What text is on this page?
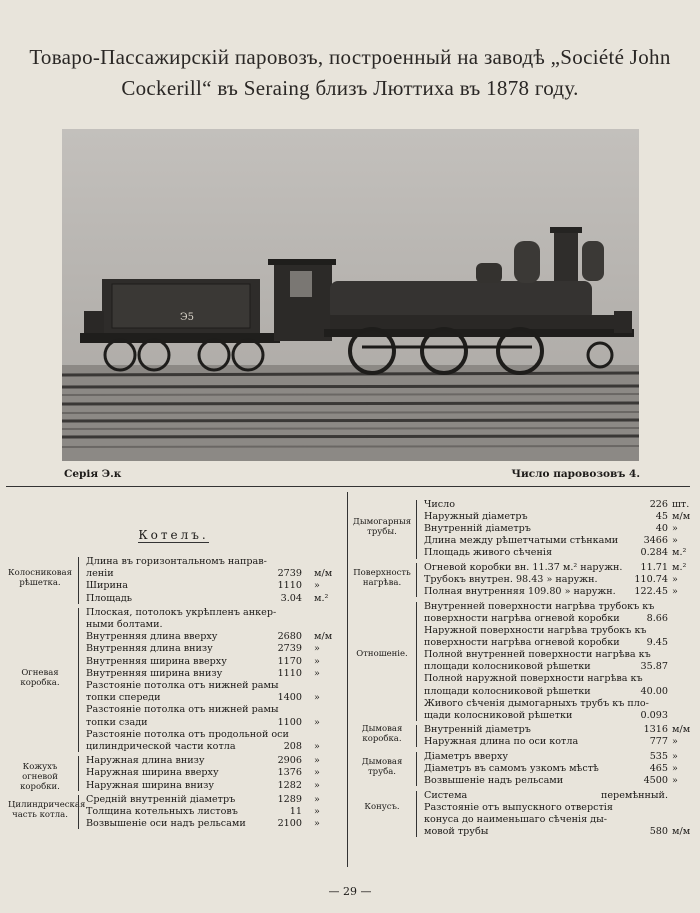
Товаро-Пассажирскій паровозъ, построенный на заводѣ „Société John
Cockerill“ въ Seraing близъ Люттиха въ 1878 году.
Э5
Серія Э.к	Число паровозовъ 4.
Котелъ.
Колосниковая рѣшетка.
Длина въ горизонтальномъ направ-
леніи	2739 м/м
Ширина	1110 »
Площадь	3.04 м.²
Огневая коробка.
Плоская, потолокъ укрѣпленъ анкер-
ными болтами.
Внутренняя длина вверху	2680 м/м
Внутренняя длина внизу	2739 »
Внутренняя ширина вверху	1170 »
Внутренняя ширина внизу	1110 »
Разстояніе потолка отъ нижней рамы
топки спереди	1400 »
Разстояніе потолка отъ нижней рамы
топки сзади	1100 »
Разстояніе потолка отъ продольной оси
цилиндрической части котла	208 »
Кожухъ огневой коробки.
Наружная длина внизу	2906 »
Наружная ширина вверху	1376 »
Наружная ширина внизу	1282 »
Цилиндрическая часть котла.
Средній внутренній діаметръ	1289 »
Толщина котельныхъ листовъ	11 »
Возвышеніе оси надъ рельсами	2100 »
Дымогарныя трубы.
Число	226 шт.
Наружный діаметръ	45 м/м
Внутренній діаметръ	40 »
Длина между рѣшетчатыми стѣнками	3466 »
Площадь живого сѣченія	0.284 м.²
Поверхность нагрѣва.
Огневой коробки вн. 11.37 м.² наружн. 11.71 м.²
Трубокъ внутрен. 98.43 » наружн.	110.74 »
Полная внутренняя 109.80 » наружн. 122.45 »
Отношеніе.
Внутренней поверхности нагрѣва трубокъ къ
поверхности нагрѣва огневой коробки	8.66
Наружной поверхности нагрѣва трубокъ къ
поверхности нагрѣва огневой коробки	9.45
Полной внутренней поверхности нагрѣва къ
площади колосниковой рѣшетки	35.87
Полной наружной поверхности нагрѣва къ
площади колосниковой рѣшетки	40.00
Живого сѣченія дымогарныхъ трубъ къ пло-
щади колосниковой рѣшетки	0.093
Дымовая коробка.
Внутренній діаметръ	1316 м/м
Наружная длина по оси котла	777 »
Дымовая труба.
Діаметръ вверху	535 »
Діаметръ въ самомъ узкомъ мѣстѣ	465 »
Возвышеніе надъ рельсами	4500 »
Конусъ.
Система	перемѣнный.
Разстояніе отъ выпускного отверстія
конуса до наименьшаго сѣченія ды-
мовой трубы	580 м/м
— 29 —
